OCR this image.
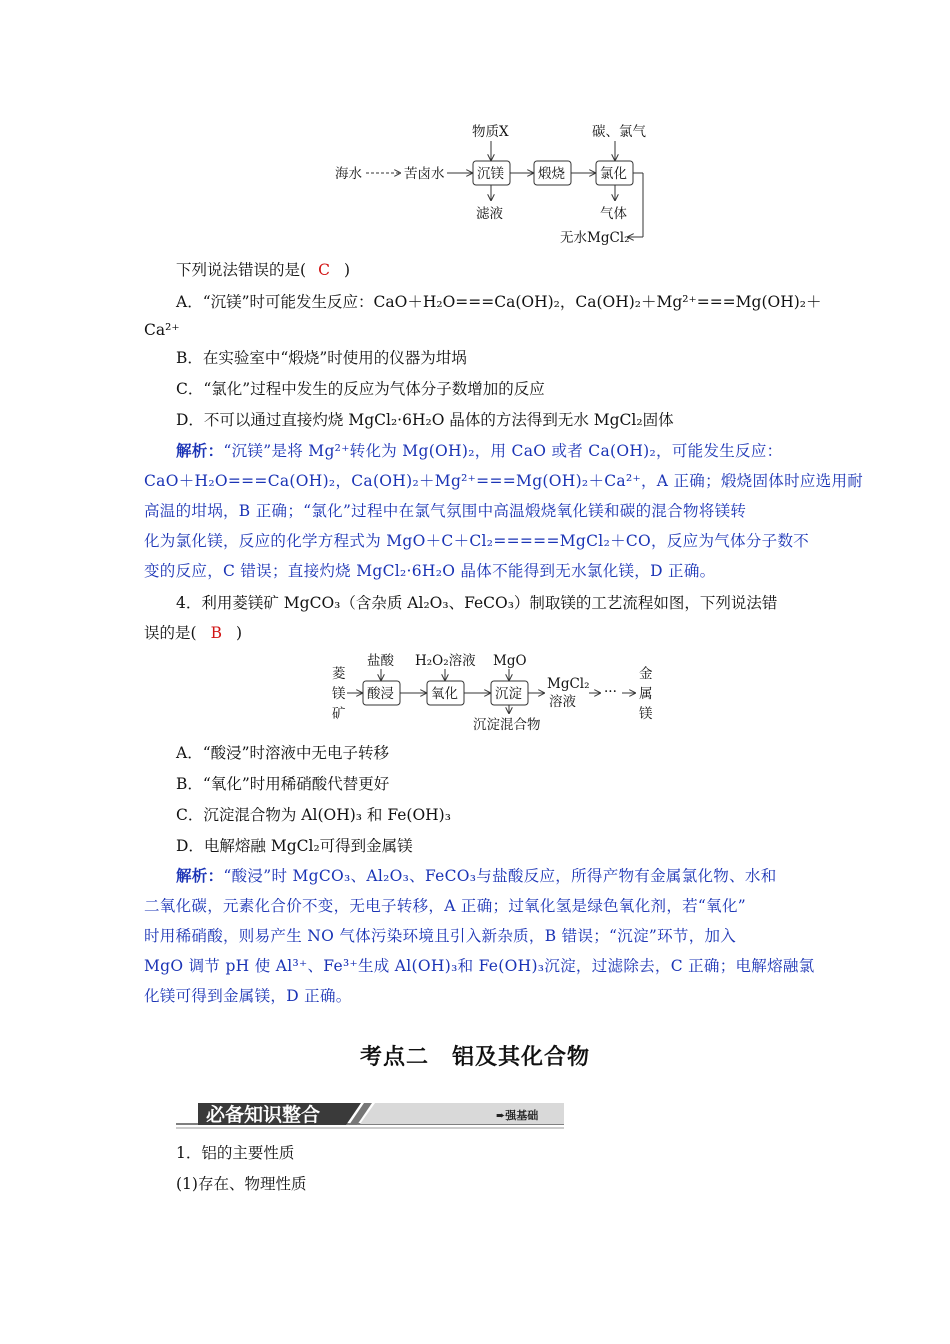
海水	苦卤水 沉镁
物质X
滤液
煅烧	氯化
碳、氯气
气体
无水MgCl₂
下列说法错误的是( C )
A．“沉镁”时可能发生反应：CaO＋H₂O===Ca(OH)₂，Ca(OH)₂＋Mg²⁺===Mg(OH)₂＋
Ca²⁺
B．在实验室中“煅烧”时使用的仪器为坩埚
C．“氯化”过程中发生的反应为气体分子数增加的反应
D．不可以通过直接灼烧 MgCl₂·6H₂O 晶体的方法得到无水 MgCl₂固体
解析：“沉镁”是将 Mg²⁺转化为 Mg(OH)₂，用 CaO 或者 Ca(OH)₂，可能发生反应：
CaO＋H₂O===Ca(OH)₂，Ca(OH)₂＋Mg²⁺===Mg(OH)₂＋Ca²⁺，A 正确；煅烧固体时应选用耐
高温的坩埚，B 正确；“氯化”过程中在氯气氛围中高温煅烧氧化镁和碳的混合物将镁转
化为氯化镁，反应的化学方程式为 MgO＋C＋Cl₂=====MgCl₂＋CO，反应为气体分子数不
变的反应，C 错误；直接灼烧 MgCl₂·6H₂O 晶体不能得到无水氯化镁，D 正确。
4．利用菱镁矿 MgCO₃（含杂质 Al₂O₃、FeCO₃）制取镁的工艺流程如图，下列说法错
误的是( B )
菱
镁
矿
酸浸
盐酸
氧化
H₂O₂溶液
沉淀
MgO
沉淀混合物
MgCl₂
溶液
···
金
属
镁
A．“酸浸”时溶液中无电子转移
B．“氧化”时用稀硝酸代替更好
C．沉淀混合物为 Al(OH)₃ 和 Fe(OH)₃
D．电解熔融 MgCl₂可得到金属镁
解析：“酸浸”时 MgCO₃、Al₂O₃、FeCO₃与盐酸反应，所得产物有金属氯化物、水和
二氧化碳，元素化合价不变，无电子转移，A 正确；过氧化氢是绿色氧化剂，若“氧化”
时用稀硝酸，则易产生 NO 气体污染环境且引入新杂质，B 错误；“沉淀”环节，加入
MgO 调节 pH 使 Al³⁺、Fe³⁺生成 Al(OH)₃和 Fe(OH)₃沉淀，过滤除去，C 正确；电解熔融氯
化镁可得到金属镁，D 正确。
考点二　铝及其化合物
必备知识整合	➨强基础
1．铝的主要性质
(1)存在、物理性质
